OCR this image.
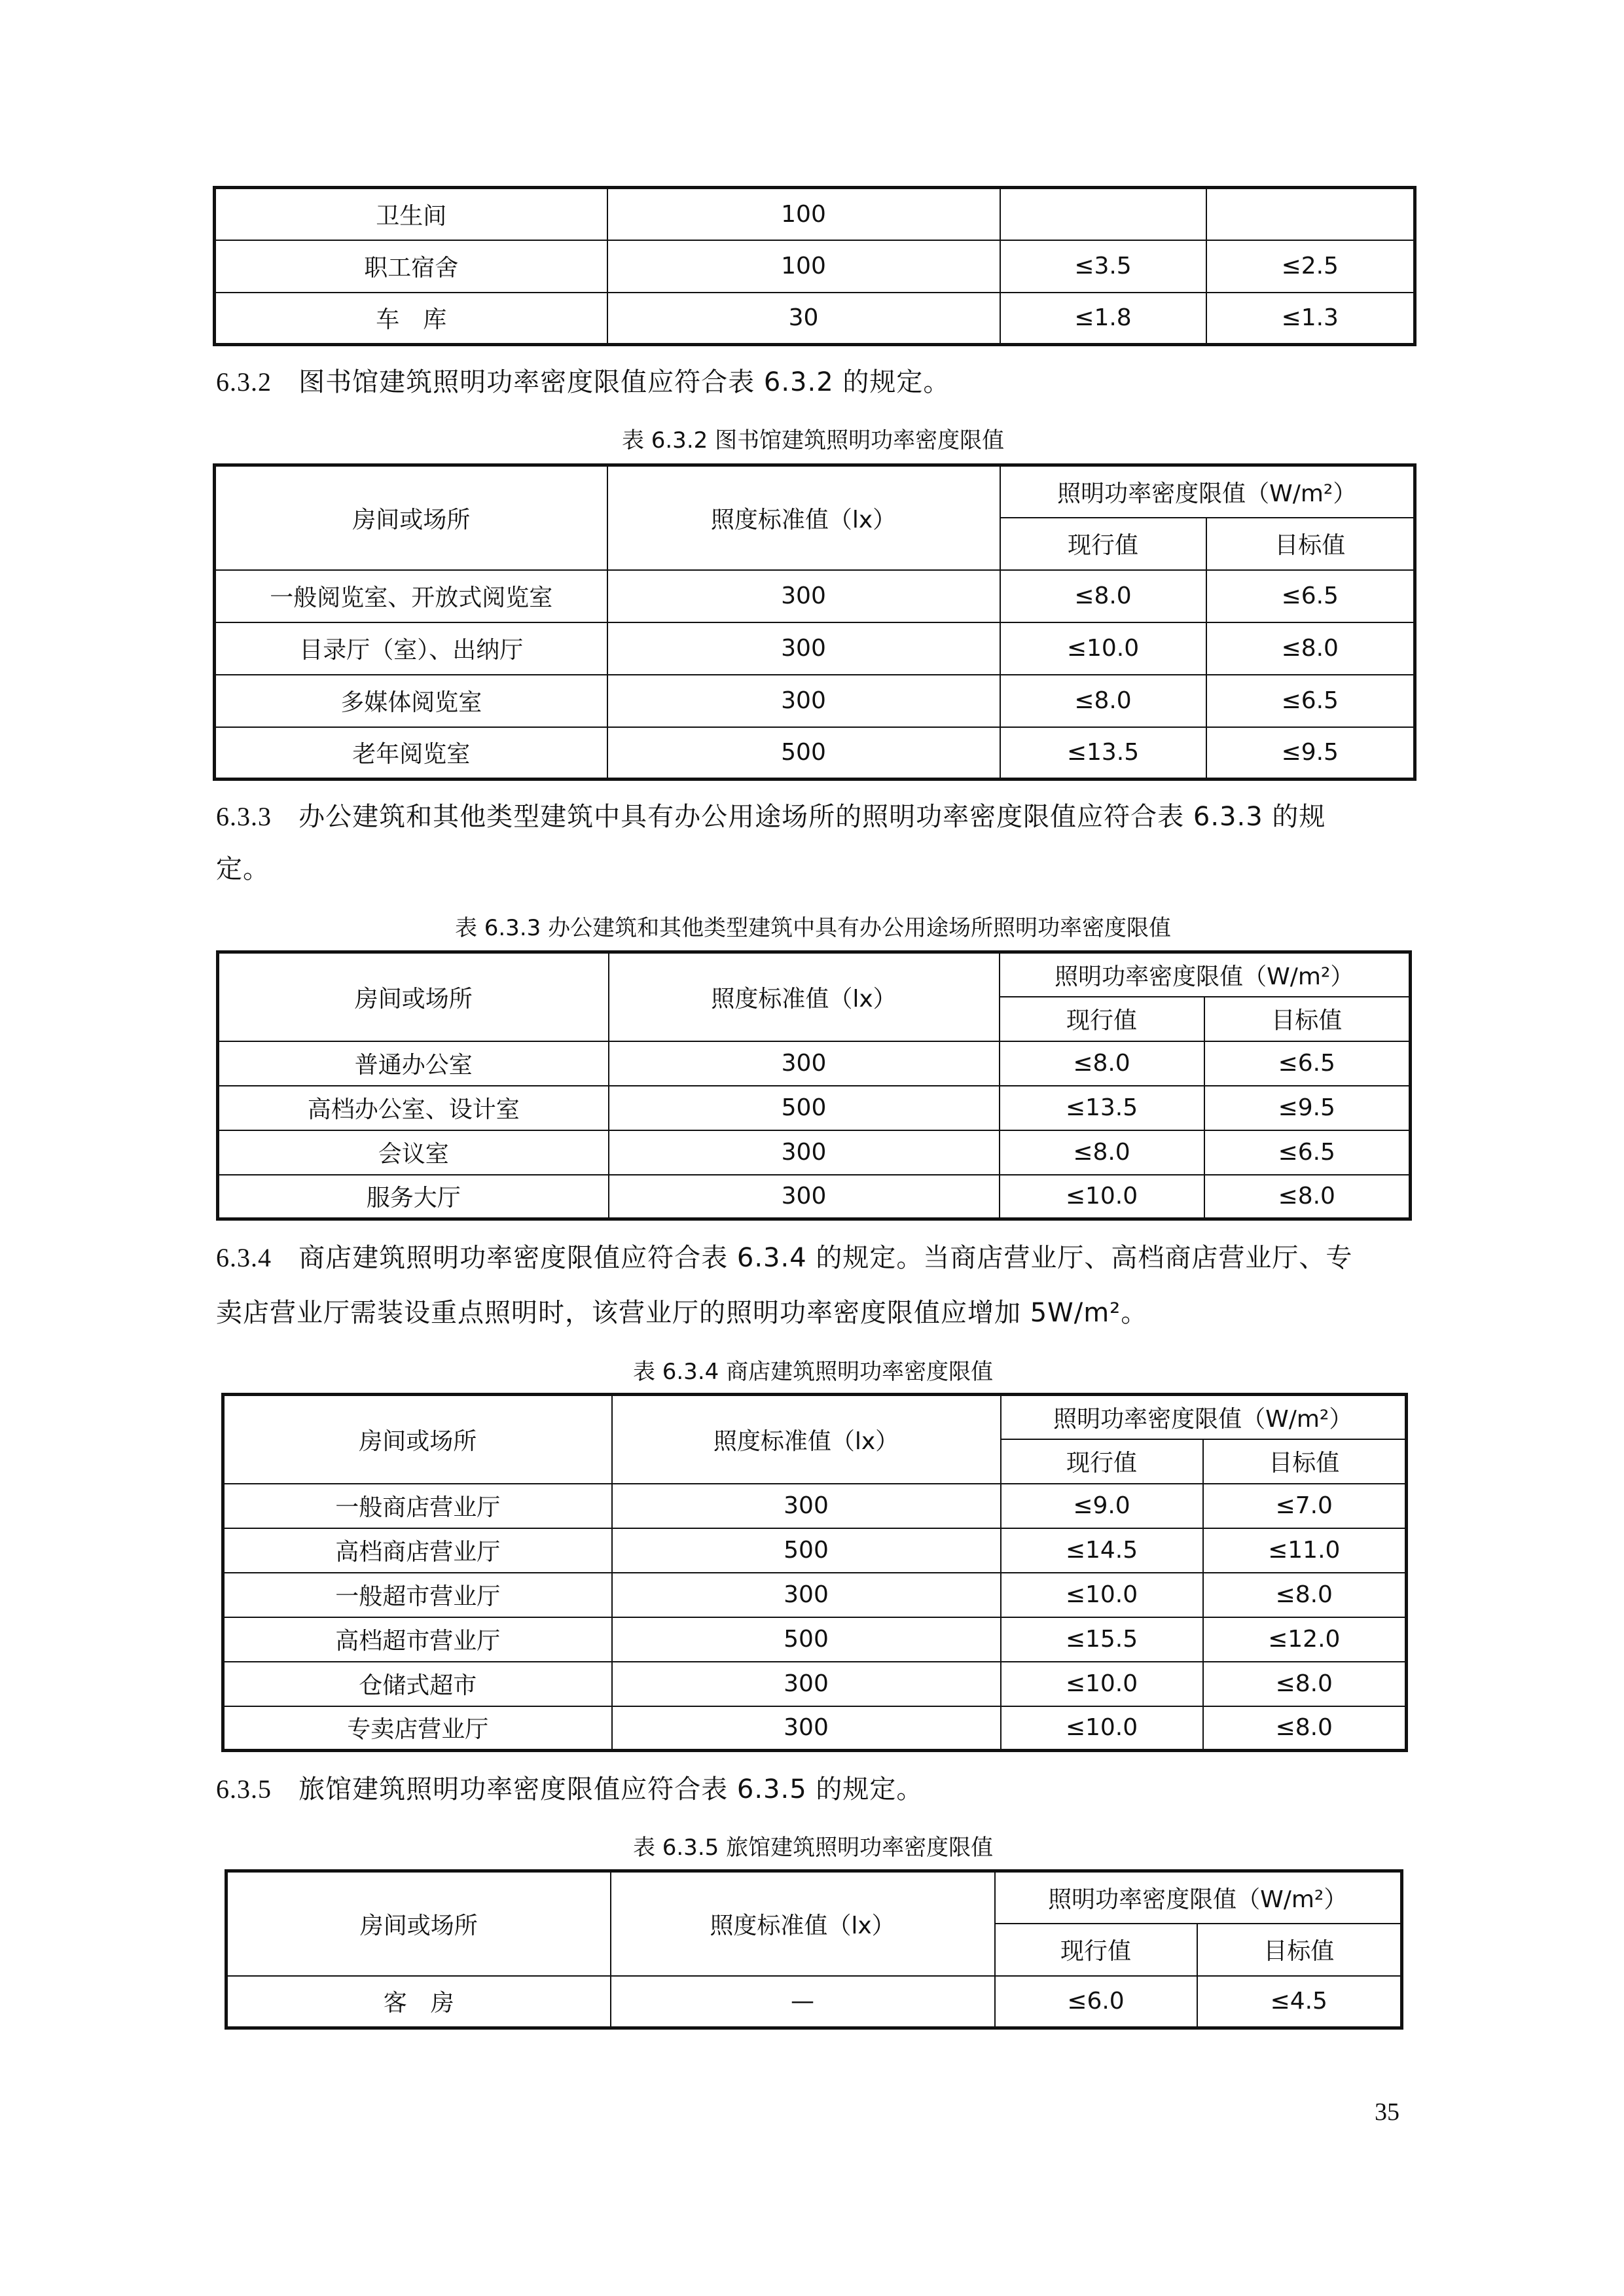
卫生间	100		
职工宿舍	100	≤3.5	≤2.5
车　库	30	≤1.8	≤1.3

6.3.2 图书馆建筑照明功率密度限值应符合表 6.3.2 的规定。

表 6.3.2 图书馆建筑照明功率密度限值

房间或场所	照度标准值（lx）	照明功率密度限值（W/m²）	
		现行值	目标值
一般阅览室、开放式阅览室	300	≤8.0	≤6.5
目录厅（室）、出纳厅	300	≤10.0	≤8.0
多媒体阅览室	300	≤8.0	≤6.5
老年阅览室	500	≤13.5	≤9.5

6.3.3 办公建筑和其他类型建筑中具有办公用途场所的照明功率密度限值应符合表 6.3.3 的规

定。

表 6.3.3 办公建筑和其他类型建筑中具有办公用途场所照明功率密度限值

房间或场所	照度标准值（lx）	照明功率密度限值（W/m²）	
		现行值	目标值
普通办公室	300	≤8.0	≤6.5
高档办公室、设计室	500	≤13.5	≤9.5
会议室	300	≤8.0	≤6.5
服务大厅	300	≤10.0	≤8.0

6.3.4 商店建筑照明功率密度限值应符合表 6.3.4 的规定。当商店营业厅、高档商店营业厅、专

卖店营业厅需装设重点照明时，该营业厅的照明功率密度限值应增加 5W/m²。

表 6.3.4 商店建筑照明功率密度限值

房间或场所	照度标准值（lx）	照明功率密度限值（W/m²）	
		现行值	目标值
一般商店营业厅	300	≤9.0	≤7.0
高档商店营业厅	500	≤14.5	≤11.0
一般超市营业厅	300	≤10.0	≤8.0
高档超市营业厅	500	≤15.5	≤12.0
仓储式超市	300	≤10.0	≤8.0
专卖店营业厅	300	≤10.0	≤8.0

6.3.5 旅馆建筑照明功率密度限值应符合表 6.3.5 的规定。

表 6.3.5 旅馆建筑照明功率密度限值

房间或场所	照度标准值（lx）	照明功率密度限值（W/m²）	
		现行值	目标值
客　房	—	≤6.0	≤4.5
35
